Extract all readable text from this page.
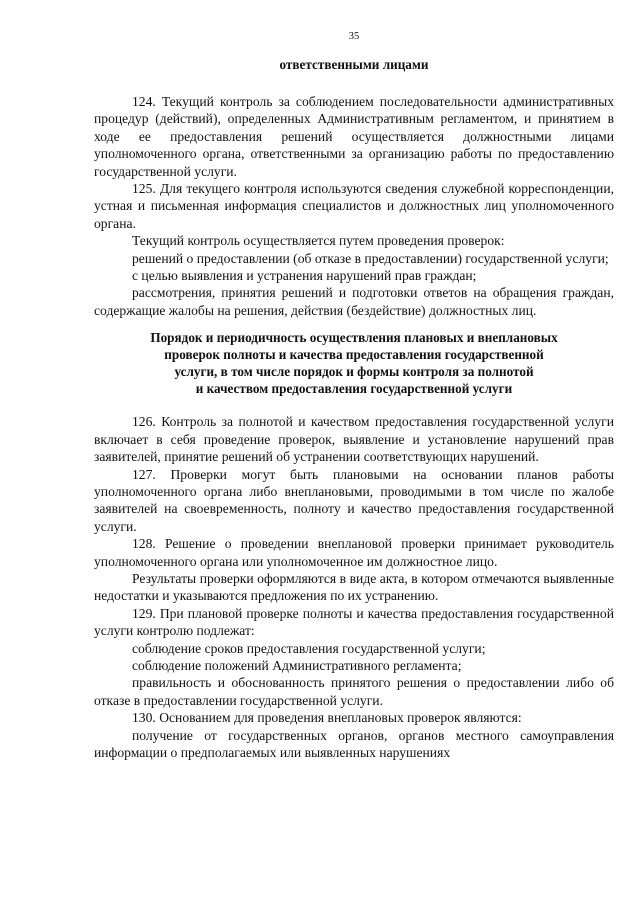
35
ответственными лицами

124. Текущий контроль за соблюдением последовательности административных процедур (действий), определенных Административным регламентом, и принятием в ходе ее предоставления решений осуществляется должностными лицами уполномоченного органа, ответственными за организацию работы по предоставлению государственной услуги.

125. Для текущего контроля используются сведения служебной корреспонденции, устная и письменная информация специалистов и должностных лиц уполномоченного органа.

Текущий контроль осуществляется путем проведения проверок:

решений о предоставлении (об отказе в предоставлении) государственной услуги;

с целью выявления и устранения нарушений прав граждан;

рассмотрения, принятия решений и подготовки ответов на обращения граждан, содержащие жалобы на решения, действия (бездействие) должностных лиц.

Порядок и периодичность осуществления плановых и внеплановых
проверок полноты и качества предоставления государственной
услуги, в том числе порядок и формы контроля за полнотой
и качеством предоставления государственной услуги

126. Контроль за полнотой и качеством предоставления государственной услуги включает в себя проведение проверок, выявление и установление нарушений прав заявителей, принятие решений об устранении соответствующих нарушений.

127. Проверки могут быть плановыми на основании планов работы уполномоченного органа либо внеплановыми, проводимыми в том числе по жалобе заявителей на своевременность, полноту и качество предоставления государственной услуги.

128. Решение о проведении внеплановой проверки принимает руководитель уполномоченного органа или уполномоченное им должностное лицо.

Результаты проверки оформляются в виде акта, в котором отмечаются выявленные недостатки и указываются предложения по их устранению.

129. При плановой проверке полноты и качества предоставления государственной услуги контролю подлежат:

соблюдение сроков предоставления государственной услуги;

соблюдение положений Административного регламента;

правильность и обоснованность принятого решения о предоставлении либо об отказе в предоставлении государственной услуги.

130. Основанием для проведения внеплановых проверок являются:

получение от государственных органов, органов местного самоуправления информации о предполагаемых или выявленных нарушениях
